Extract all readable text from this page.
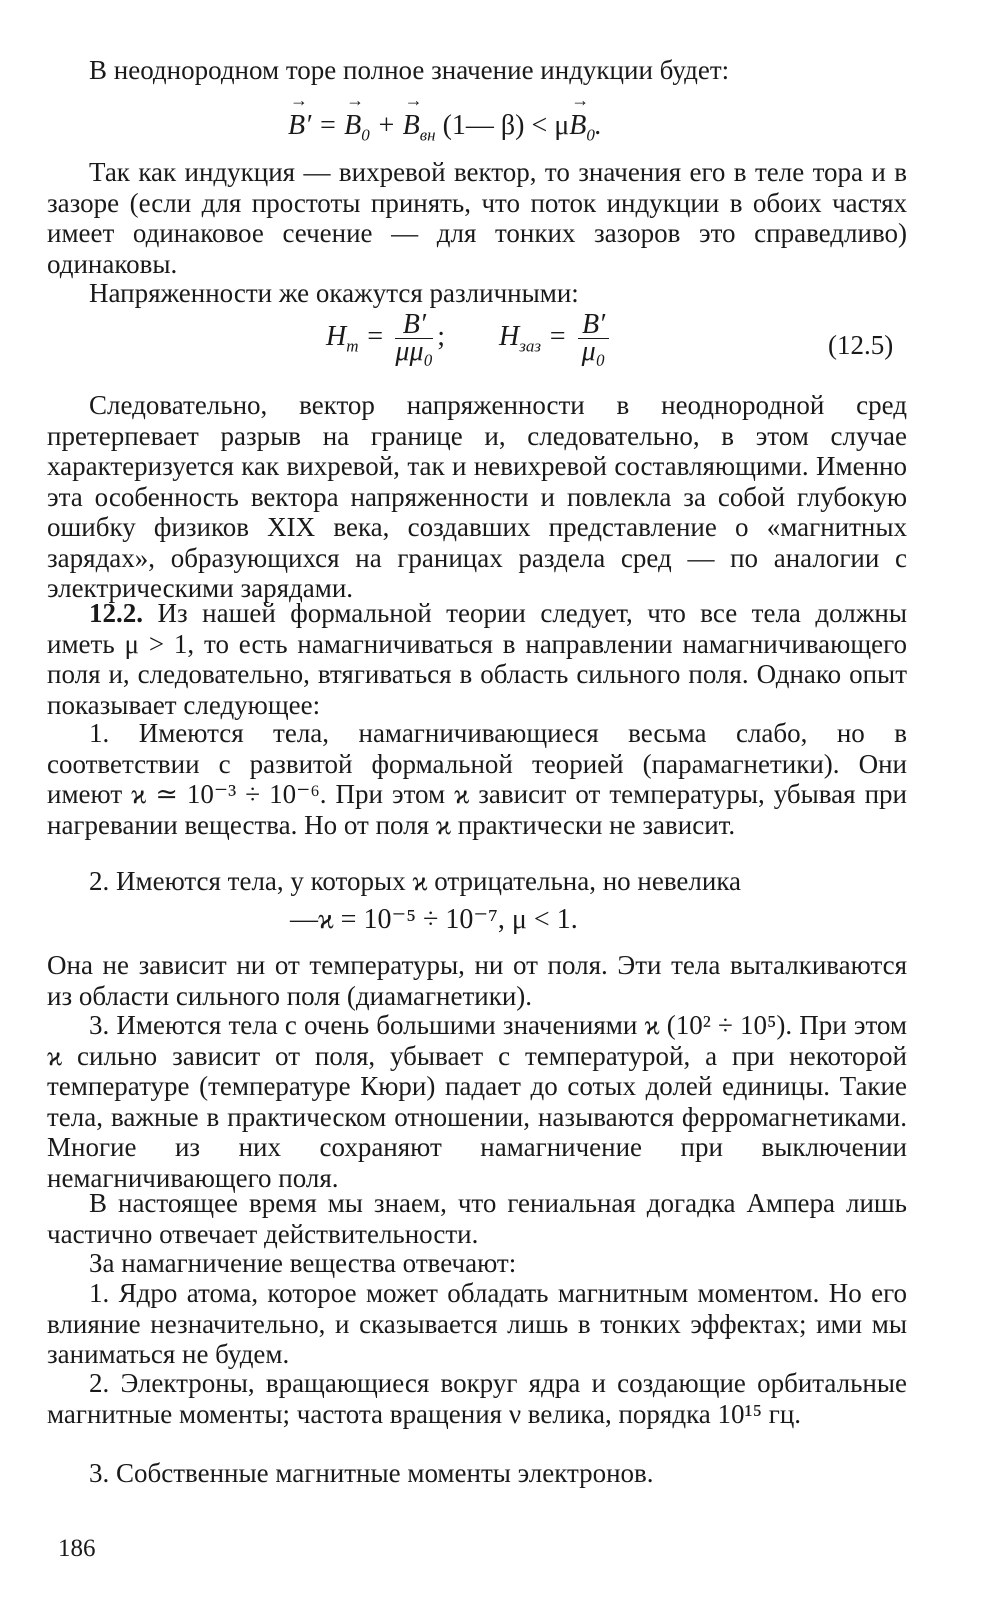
В неоднородном торе полное значение индукции будет:

→ B′ = → $B_0$ + → $B_{вн}$ (1— $\beta) < \mu\to B_0$.

Так как индукция — вихревой вектор, то значения его в теле тора и в зазоре (если для простоты принять, что поток индукции в обоих частях имеет одинаковое сечение — для тонких зазоров это справедливо) одинаковы.

Напряженности же окажутся различными:

$H_т = \frac{B'}{\text{μμ₀}}$ ; $H_{заз} = \frac{B'}{\text{μ₀}}$	(12.5)

Следовательно, вектор напряженности в неоднородной сред претерпевает разрыв на границе и, следовательно, в этом случае характеризуется как вихревой, так и невихревой составляющими. Именно эта особенность вектора напряженности и повлекла за собой глубокую ошибку физиков XIX века, создавших представление о «магнитных зарядах», образующихся на границах раздела сред — по аналогии с электрическими зарядами.

12.2. Из нашей формальной теории следует, что все тела должны иметь μ > 1, то есть намагничиваться в направлении намагничивающего поля и, следовательно, втягиваться в область сильного поля. Однако опыт показывает следующее:

1. Имеются тела, намагничивающиеся весьма слабо, но в соответствии с развитой формальной теорией (парамагнетики). Они имеют ϰ ≃ 10⁻³ ÷ 10⁻⁶. При этом ϰ зависит от температуры, убывая при нагревании вещества. Но от поля ϰ практически не зависит.

2. Имеются тела, у которых ϰ отрицательна, но невелика

—ϰ = 10⁻⁵ ÷ 10⁻⁷, μ < 1.

Она не зависит ни от температуры, ни от поля. Эти тела выталкиваются из области сильного поля (диамагнетики).

3. Имеются тела с очень большими значениями ϰ (10² ÷ 10⁵). При этом ϰ сильно зависит от поля, убывает с температурой, а при некоторой температуре (температуре Кюри) падает до сотых долей единицы. Такие тела, важные в практическом отношении, называются ферромагнетиками. Многие из них сохраняют намагничение при выключении немагничивающего поля.

В настоящее время мы знаем, что гениальная догадка Ампера лишь частично отвечает действительности.

За намагничение вещества отвечают:

1. Ядро атома, которое может обладать магнитным моментом. Но его влияние незначительно, и сказывается лишь в тонких эффектах; ими мы заниматься не будем.

2. Электроны, вращающиеся вокруг ядра и создающие орбитальные магнитные моменты; частота вращения ν велика, порядка 10¹⁵ гц.

3. Собственные магнитные моменты электронов.

186
